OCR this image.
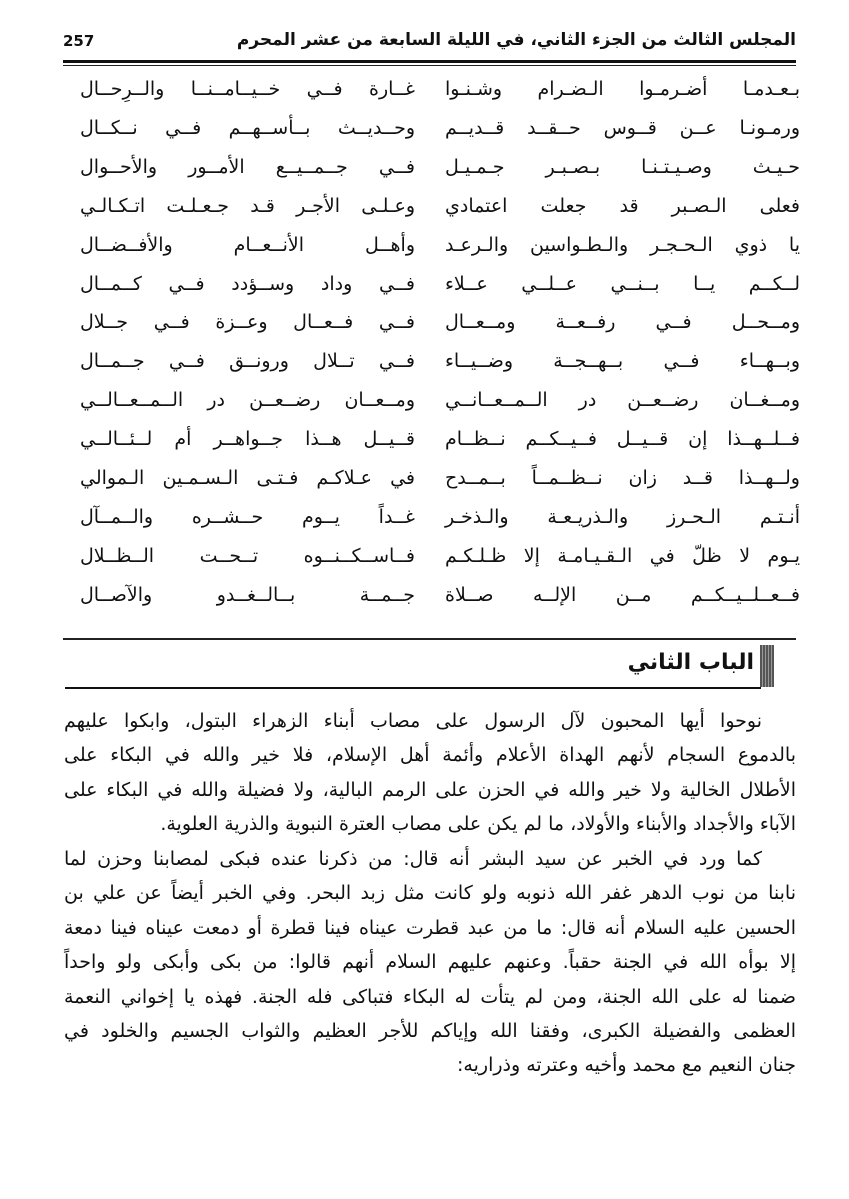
المجلس الثالث من الجزء الثاني، في الليلة السابعة من عشر المحرم
257
بـعـدمـا أضـرمـوا الـضـرام وشـنـوا
غــارة فــي خــيــامــنــا والــرِحــال
ورمـونـا عــن قــوس حــقــد قــديــم
وحــديــث بــأســهــم فــي نــكــال
حـيـث وصـيـتـنـا بـصـبـر جـمـيـل
فــي جــمــيــع الأمــور والأحــوال
فعلى الـصـبر قد جعلت اعتمادي
وعـلـى الأجـر قـد جـعـلـت اتـكـالـي
يا ذوي الـحـجـر والـطـواسين والـرعـد
وأهــل الأنــعــام والأفــضــال
لــكــم يــا بــنــي عــلــي عــلاء
فــي وداد وســؤدد فــي كــمــال
ومــحــل فــي رفــعــة ومــعــال
فــي فــعــال وعــزة فــي جــلال
وبــهــاء فــي بــهــجــة وضــيــاء
فــي تــلال ورونــق فــي جــمــال
ومــغــان رضــعــن در الــمــعــانــي
ومــعــان رضــعــن در الــمــعــالــي
فــلــهــذا إن قــيــل فــيــكــم نــظــام
قــيــل هــذا جــواهــر أم لــئــالــي
ولــهــذا قــد زان نــظــمــاً بــمــدح
في عـلاكـم فـتـى الـسـمـين الـموالي
أنـتـم الـحـرز والـذريـعـة والـذخـر
غــداً يــوم حــشــره والــمــآل
يـوم لا ظلّ في الـقـيـامـة إلا ظـلـكـم
فــاســكــنــوه تــحــت الــظــلال
فــعــلــيــكــم مــن الإلــه صــلاة
جــمــة بــالــغــدو والآصــال
الباب الثاني
نوحوا أيها المحبون لآل الرسول على مصاب أبناء الزهراء البتول، وابكوا عليهم
بالدموع السجام لأنهم الهداة الأعلام وأئمة أهل الإسلام، فلا خير والله في البكاء على
الأطلال الخالية ولا خير والله في الحزن على الرمم البالية، ولا فضيلة والله في البكاء على
الآباء والأجداد والأبناء والأولاد، ما لم يكن على مصاب العترة النبوية والذرية العلوية.
كما ورد في الخبر عن سيد البشر أنه قال: من ذكرنا عنده فبكى لمصابنا وحزن لما
نابنا من نوب الدهر غفر الله ذنوبه ولو كانت مثل زبد البحر. وفي الخبر أيضاً عن علي بن
الحسين عليه السلام أنه قال: ما من عبد قطرت عيناه فينا قطرة أو دمعت عيناه فينا دمعة
إلا بوأه الله في الجنة حقباً. وعنهم عليهم السلام أنهم قالوا: من بكى وأبكى ولو واحداً
ضمنا له على الله الجنة، ومن لم يتأت له البكاء فتباكى فله الجنة. فهذه يا إخواني النعمة
العظمى والفضيلة الكبرى، وفقنا الله وإياكم للأجر العظيم والثواب الجسيم والخلود في
جنان النعيم مع محمد وأخيه وعترته وذراريه:
